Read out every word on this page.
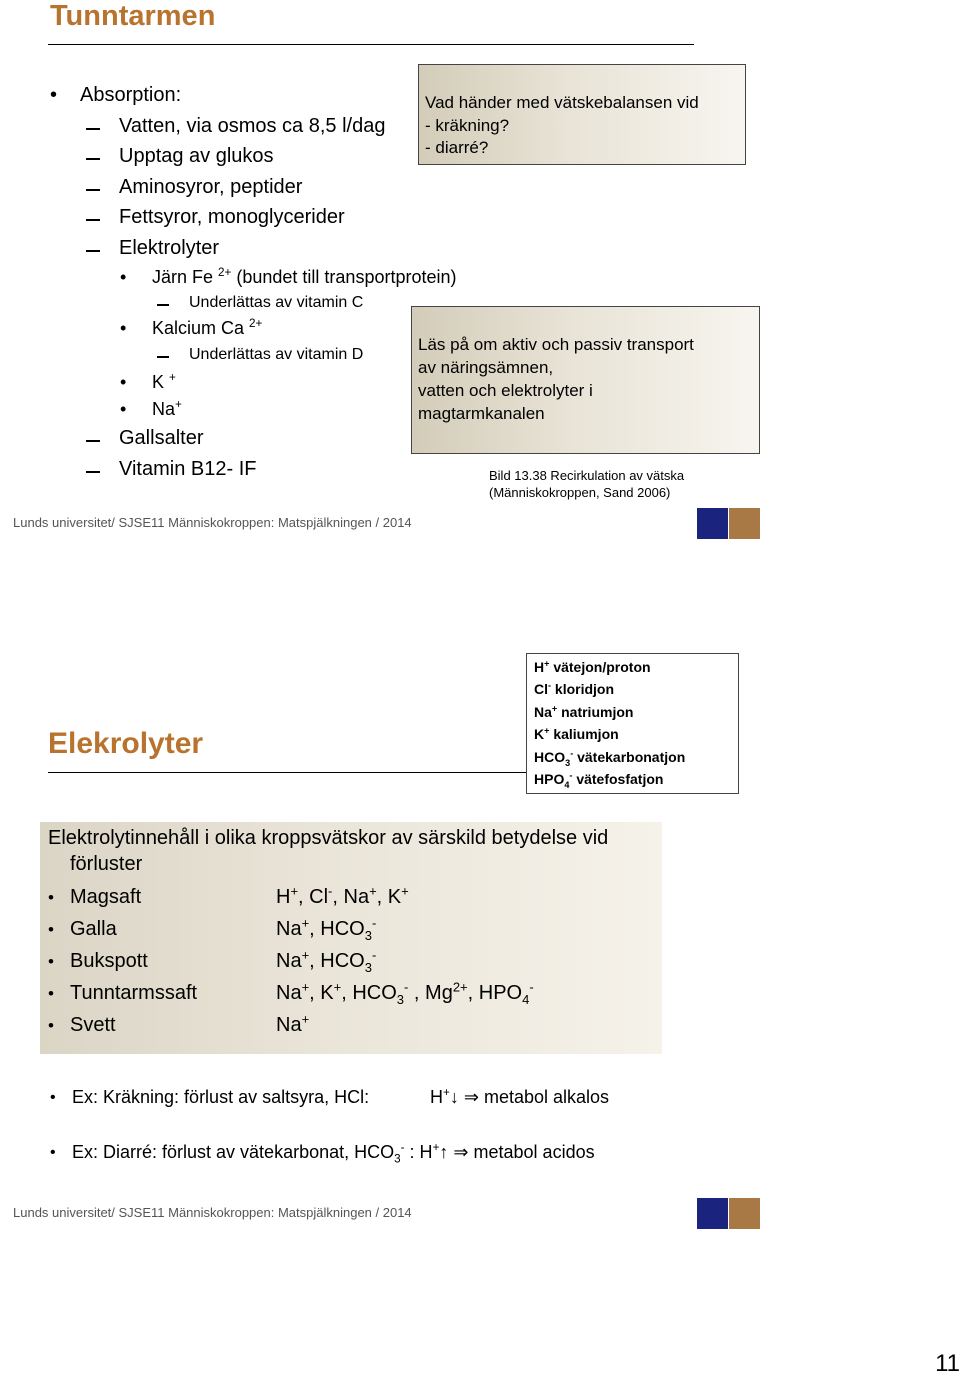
Tunntarmen
• Absorption:
Vatten, via osmos ca 8,5 l/dag
Upptag av glukos
Aminosyror, peptider
Fettsyror, monoglycerider
Elektrolyter
• Järn Fe $^{2+}$ (bundet till transportprotein)
Underlättas av vitamin C
• Kalcium Ca $^{2+}$
Underlättas av vitamin D
• K +
• Na+
Gallsalter
Vitamin B12- IF
Vad händer med vätskebalansen vid
- kräkning?
- diarré?
Läs på om aktiv och passiv transport
av näringsämnen,
vatten och elektrolyter i
magtarmkanalen
Bild 13.38 Recirkulation av vätska
(Människokroppen, Sand 2006)
Lunds universitet/ SJSE11 Människokroppen: Matspjälkningen / 2014
Elekrolyter
H+ vätejon/proton
Cl- kloridjon
Na+ natriumjon
K+ kaliumjon
$HCO_3^-$ vätekarbonatjon
$HPO_4^-$ vätefosfatjon
Elektrolytinnehåll i olika kroppsvätskor av särskild betydelse vid
förluster
• Magsaft	H+, Cl-, Na+, K+
• Galla	Na+, $HCO_3^-$
• Bukspott	Na+, $HCO_3^-$
• Tunntarmssaft	Na+, K+, $HCO_3^-$ , $Mg^{2+}$, $HPO_4^-$
• Svett	Na+
• Ex: Kräkning: förlust av saltsyra, HCl:	H+↓ ⇒ metabol alkalos
• Ex: Diarré: förlust av vätekarbonat, $HCO_3^-$ : H+↑ ⇒ metabol acidos
Lunds universitet/ SJSE11 Människokroppen: Matspjälkningen / 2014
11
